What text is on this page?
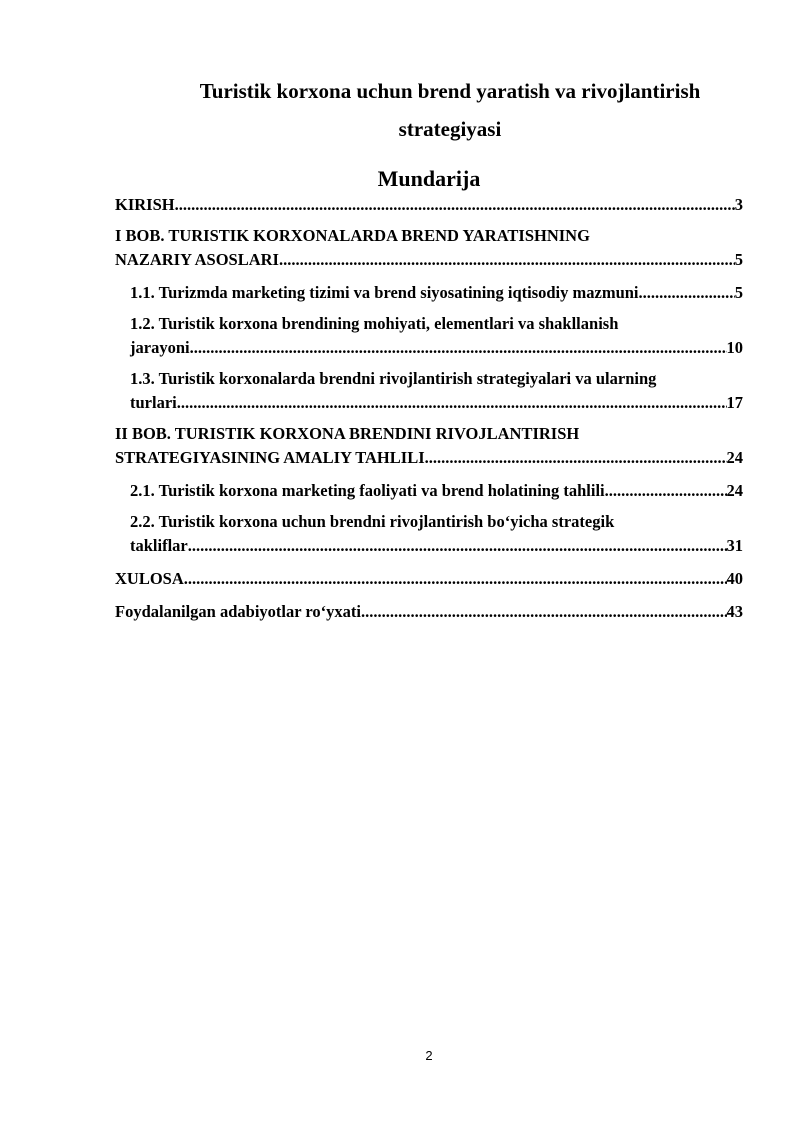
Turistik korxona uchun brend yaratish va rivojlantirish
strategiyasi
Mundarija
KIRISH .....	3
I BOB. TURISTIK KORXONALARDA BREND YARATISHNING
NAZARIY ASOSLARI .....	5
1.1. Turizmda marketing tizimi va brend siyosatining iqtisodiy mazmuni .....	5
1.2. Turistik korxona brendining mohiyati, elementlari va shakllanish
jarayoni .....	10
1.3. Turistik korxonalarda brendni rivojlantirish strategiyalari va ularning
turlari .....	17
II BOB. TURISTIK KORXONA BRENDINI RIVOJLANTIRISH
STRATEGIYASINING AMALIY TAHLILI .....	24
2.1. Turistik korxona marketing faoliyati va brend holatining tahlili .....	24
2.2. Turistik korxona uchun brendni rivojlantirish bo‘yicha strategik
takliflar .....	31
XULOSA .....	40
Foydalanilgan adabiyotlar ro‘yxati .....	43
2
